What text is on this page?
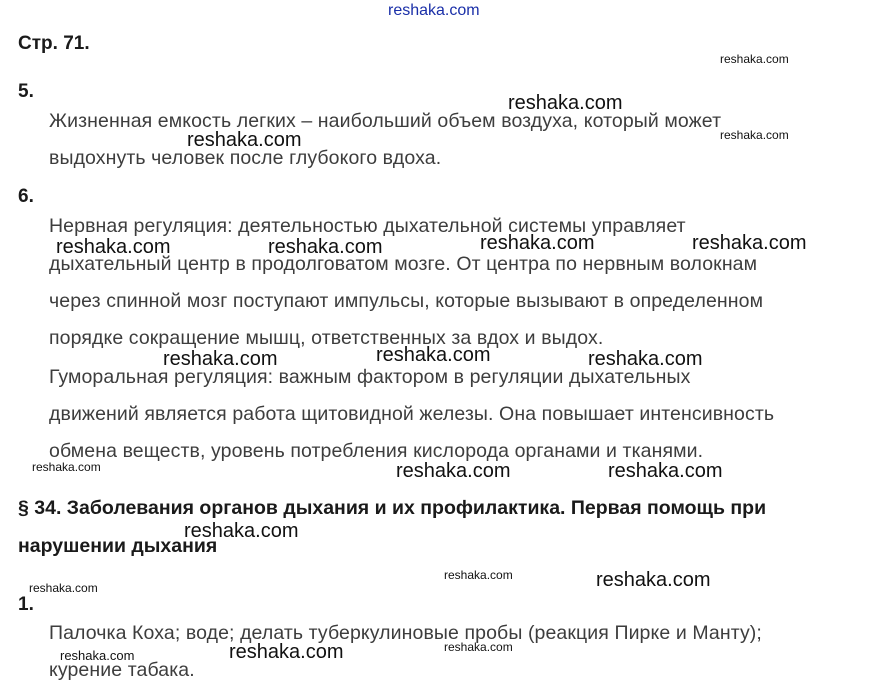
reshaka.com
Стр. 71.
5.
Жизненная емкость легких – наибольший объем воздуха, который может
выдохнуть человек после глубокого вдоха.
6.
Нервная регуляция: деятельностью дыхательной системы управляет
дыхательный центр в продолговатом мозге. От центра по нервным волокнам
через спинной мозг поступают импульсы, которые вызывают в определенном
порядке сокращение мышц, ответственных за вдох и выдох.
Гуморальная регуляция: важным фактором в регуляции дыхательных
движений является работа щитовидной железы. Она повышает интенсивность
обмена веществ, уровень потребления кислорода органами и тканями.
§ 34. Заболевания органов дыхания и их профилактика. Первая помощь при
нарушении дыхания
1.
Палочка Коха; воде; делать туберкулиновые пробы (реакция Пирке и Манту);
курение табака.
reshaka.com
reshaka.com
reshaka.com	reshaka.com	reshaka.com	reshaka.com
reshaka.com	reshaka.com	reshaka.com
reshaka.com	reshaka.com
reshaka.com
reshaka.com
reshaka.com
reshaka.com
reshaka.com
reshaka.com
reshaka.com
reshaka.com
reshaka.com
reshaka.com
